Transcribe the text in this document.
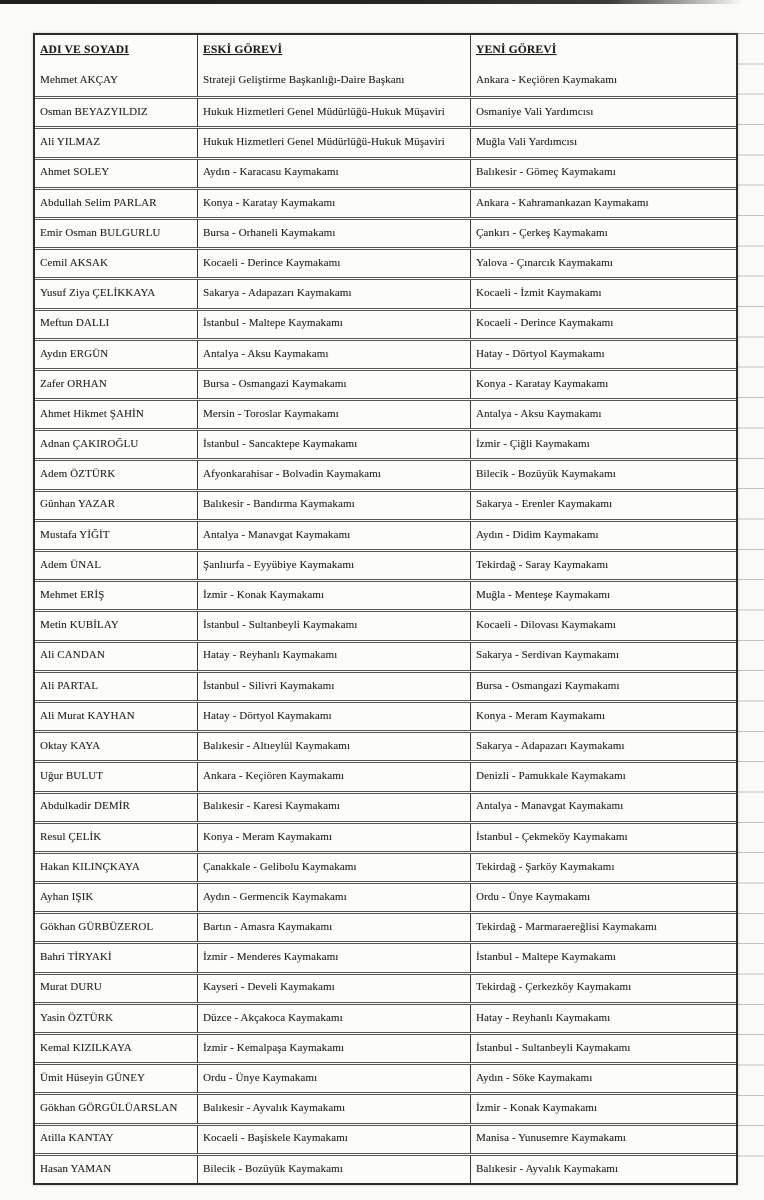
ADI VE SOYADI	ESKİ GÖREVİ	YENİ GÖREVİ
Mehmet AKÇAY	Strateji Geliştirme Başkanlığı-Daire Başkanı	Ankara - Keçiören Kaymakamı
Osman BEYAZYILDIZ	Hukuk Hizmetleri Genel Müdürlüğü-Hukuk Müşaviri	Osmaniye Vali Yardımcısı
Ali YILMAZ	Hukuk Hizmetleri Genel Müdürlüğü-Hukuk Müşaviri	Muğla Vali Yardımcısı
Ahmet SOLEY	Aydın - Karacasu Kaymakamı	Balıkesir - Gömeç Kaymakamı
Abdullah Selim PARLAR	Konya - Karatay Kaymakamı	Ankara - Kahramankazan Kaymakamı
Emir Osman BULGURLU	Bursa - Orhaneli Kaymakamı	Çankırı - Çerkeş Kaymakamı
Cemil AKSAK	Kocaeli - Derince Kaymakamı	Yalova - Çınarcık Kaymakamı
Yusuf Ziya ÇELİKKAYA	Sakarya - Adapazarı Kaymakamı	Kocaeli - İzmit Kaymakamı
Meftun DALLI	İstanbul - Maltepe Kaymakamı	Kocaeli - Derince Kaymakamı
Aydın ERGÜN	Antalya - Aksu Kaymakamı	Hatay - Dörtyol Kaymakamı
Zafer ORHAN	Bursa - Osmangazi Kaymakamı	Konya - Karatay Kaymakamı
Ahmet Hikmet ŞAHİN	Mersin - Toroslar Kaymakamı	Antalya - Aksu Kaymakamı
Adnan ÇAKIROĞLU	İstanbul - Sancaktepe Kaymakamı	İzmir - Çiğli Kaymakamı
Adem ÖZTÜRK	Afyonkarahisar - Bolvadin Kaymakamı	Bilecik - Bozüyük Kaymakamı
Günhan YAZAR	Balıkesir - Bandırma Kaymakamı	Sakarya - Erenler Kaymakamı
Mustafa YİĞİT	Antalya - Manavgat Kaymakamı	Aydın - Didim Kaymakamı
Adem ÜNAL	Şanlıurfa - Eyyübiye Kaymakamı	Tekirdağ - Saray Kaymakamı
Mehmet ERİŞ	İzmir - Konak Kaymakamı	Muğla - Menteşe Kaymakamı
Metin KUBİLAY	İstanbul - Sultanbeyli Kaymakamı	Kocaeli - Dilovası Kaymakamı
Ali CANDAN	Hatay - Reyhanlı Kaymakamı	Sakarya - Serdivan Kaymakamı
Ali PARTAL	İstanbul - Silivri Kaymakamı	Bursa - Osmangazi Kaymakamı
Ali Murat KAYHAN	Hatay - Dörtyol Kaymakamı	Konya - Meram Kaymakamı
Oktay KAYA	Balıkesir - Altıeylül Kaymakamı	Sakarya - Adapazarı Kaymakamı
Uğur BULUT	Ankara - Keçiören Kaymakamı	Denizli - Pamukkale Kaymakamı
Abdulkadir DEMİR	Balıkesir - Karesi Kaymakamı	Antalya - Manavgat Kaymakamı
Resul ÇELİK	Konya - Meram Kaymakamı	İstanbul - Çekmeköy Kaymakamı
Hakan KILINÇKAYA	Çanakkale - Gelibolu Kaymakamı	Tekirdağ - Şarköy Kaymakamı
Ayhan IŞIK	Aydın - Germencik Kaymakamı	Ordu - Ünye Kaymakamı
Gökhan GÜRBÜZEROL	Bartın - Amasra Kaymakamı	Tekirdağ - Marmaraereğlisi Kaymakamı
Bahri TİRYAKİ	İzmir - Menderes Kaymakamı	İstanbul - Maltepe Kaymakamı
Murat DURU	Kayseri - Develi Kaymakamı	Tekirdağ - Çerkezköy Kaymakamı
Yasin ÖZTÜRK	Düzce - Akçakoca Kaymakamı	Hatay - Reyhanlı Kaymakamı
Kemal KIZILKAYA	İzmir - Kemalpaşa Kaymakamı	İstanbul - Sultanbeyli Kaymakamı
Ümit Hüseyin GÜNEY	Ordu - Ünye Kaymakamı	Aydın - Söke Kaymakamı
Gökhan GÖRGÜLÜARSLAN	Balıkesir - Ayvalık Kaymakamı	İzmir - Konak Kaymakamı
Atilla KANTAY	Kocaeli - Başiskele Kaymakamı	Manisa - Yunusemre Kaymakamı
Hasan YAMAN	Bilecik - Bozüyük Kaymakamı	Balıkesir - Ayvalık Kaymakamı
